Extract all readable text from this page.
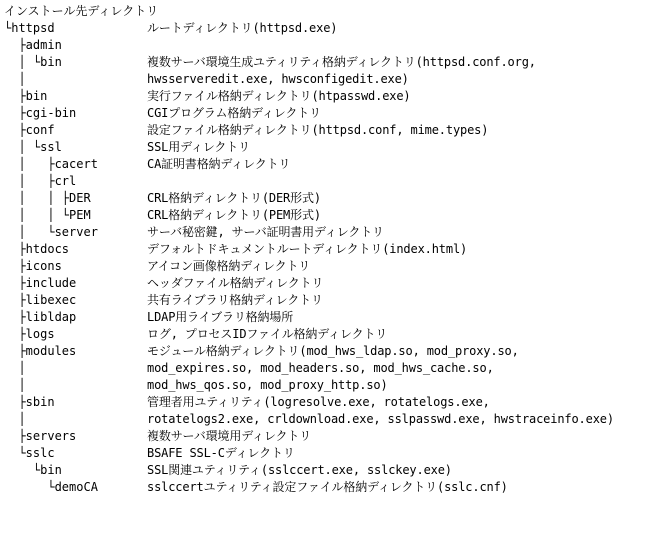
インストール先ディレクトリ
└httpsd	ルートディレクトリ(httpsd.exe)
├admin
│ └bin	複数サーバ環境生成ユティリティ格納ディレクトリ(httpsd.conf.org,
│	hwsserveredit.exe, hwsconfigedit.exe)
├bin	実行ファイル格納ディレクトリ(htpasswd.exe)
├cgi-bin	CGIプログラム格納ディレクトリ
├conf	設定ファイル格納ディレクトリ(httpsd.conf, mime.types)
│ └ssl	SSL用ディレクトリ
│   ├cacert	CA証明書格納ディレクトリ
│   ├crl
│   │ ├DER	CRL格納ディレクトリ(DER形式)
│   │ └PEM	CRL格納ディレクトリ(PEM形式)
│   └server	サーバ秘密鍵, サーバ証明書用ディレクトリ
├htdocs	デフォルトドキュメントルートディレクトリ(index.html)
├icons	アイコン画像格納ディレクトリ
├include	ヘッダファイル格納ディレクトリ
├libexec	共有ライブラリ格納ディレクトリ
├libldap	LDAP用ライブラリ格納場所
├logs	ログ, プロセスIDファイル格納ディレクトリ
├modules	モジュール格納ディレクトリ(mod_hws_ldap.so, mod_proxy.so,
│	mod_expires.so, mod_headers.so, mod_hws_cache.so,
│	mod_hws_qos.so, mod_proxy_http.so)
├sbin	管理者用ユティリティ(logresolve.exe, rotatelogs.exe,
│	rotatelogs2.exe, crldownload.exe, sslpasswd.exe, hwstraceinfo.exe)
├servers	複数サーバ環境用ディレクトリ
└sslc	BSAFE SSL-Cディレクトリ
└bin	SSL関連ユティリティ(sslccert.exe, sslckey.exe)
└demoCA	sslccertユティリティ設定ファイル格納ディレクトリ(sslc.cnf)
